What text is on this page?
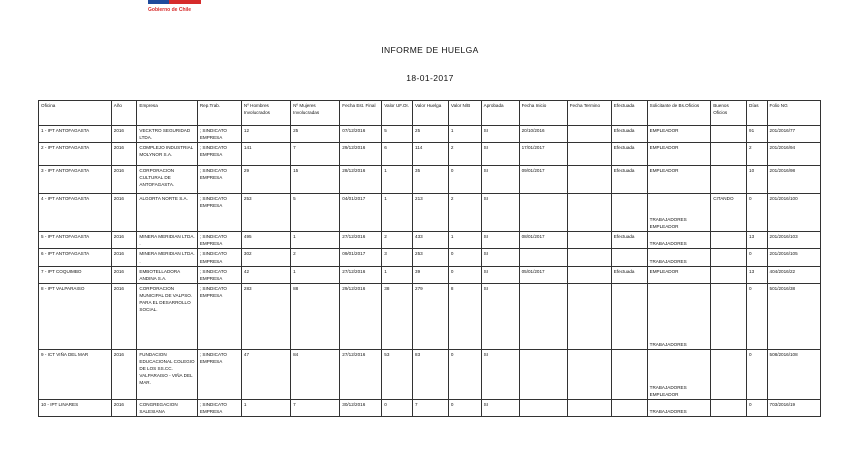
Gobierno de Chile
INFORME DE HUELGA
18-01-2017
Oficina	Año	Empresa	Rep.Trab.	Nº Hombres Involucrados	Nº Mujeres Involucradas	Fecha Est. Final	Valor UF.OI.	Valor Huelga	Valor N/B	Aprobada	Fecha Inicio	Fecha Termino	Efectuada	Solicitante de Bs.Oficios	Buenos Oficios	Días	Folio NG
1 - IPT ANTOFAGASTA	2016	VECKTRO SEGURIDAD LTDA.	; SINDICATO EMPRESA	12	25	07/12/2016	5	25	1	SI	20/10/2016		Efectuada	EMPLEADOR		91	201/2016/77
2 - IPT ANTOFAGASTA	2016	COMPLEJO INDUSTRIAL MOLYNOR S.A.	; SINDICATO EMPRESA	141	7	29/12/2016	6	114	2	SI	17/01/2017		Efectuada	EMPLEADOR		2	201/2016/94
3 - IPT ANTOFAGASTA	2016	CORPORACION CULTURAL DE ANTOFAGASTA.	; SINDICATO EMPRESA	29	15	28/12/2016	1	35	0	SI	09/01/2017		Efectuada	EMPLEADOR		10	201/2016/98
4 - IPT ANTOFAGASTA	2016	ALGORTA NORTE S.A.	; SINDICATO EMPRESA	253	5	04/01/2017	1	213	2	SI				TRABAJADORES EMPLEADOR	CITANDO	0	201/2016/100
5 - IPT ANTOFAGASTA	2016	MINERA MERIDIAN LTDA. .	; SINDICATO EMPRESA	495	1	27/12/2016	2	433	1	SI	08/01/2017		Efectuada	TRABAJADORES		13	201/2016/103
6 - IPT ANTOFAGASTA	2016	MINERA MERIDIAN LTDA. .	; SINDICATO EMPRESA	302	2	09/01/2017	3	253	0	SI				TRABAJADORES		0	201/2016/105
7 - IPT COQUIMBO	2016	EMBOTELLADORA ANDINA S.A.	; SINDICATO EMPRESA	42	1	27/12/2016	1	39	0	SI	05/01/2017		Efectuada	EMPLEADOR		13	404/2016/22
8 - IPT VALPARAISO	2016	CORPORACION MUNICIPAL DE VALPSO. PARA EL DESARROLLO SOCIAL.	; SINDICATO EMPRESA	283	88	29/12/2016	38	279	8	SI				TRABAJADORES		0	501/2016/38
9 - ICT VIÑA DEL MAR	2016	FUNDACION EDUCACIONAL COLEGIO DE LOS SS.CC. VALPARAISO - VIÑA DEL MAR.	; SINDICATO EMPRESA	47	84	27/12/2016	53	83	0	SI				TRABAJADORES EMPLEADOR		0	508/2016/108
10 - IPT LINARES	2016	CONGREGACION SALESIANA	; SINDICATO EMPRESA	1	7	30/12/2016	0	7	0	SI				TRABAJADORES		0	703/2016/19
